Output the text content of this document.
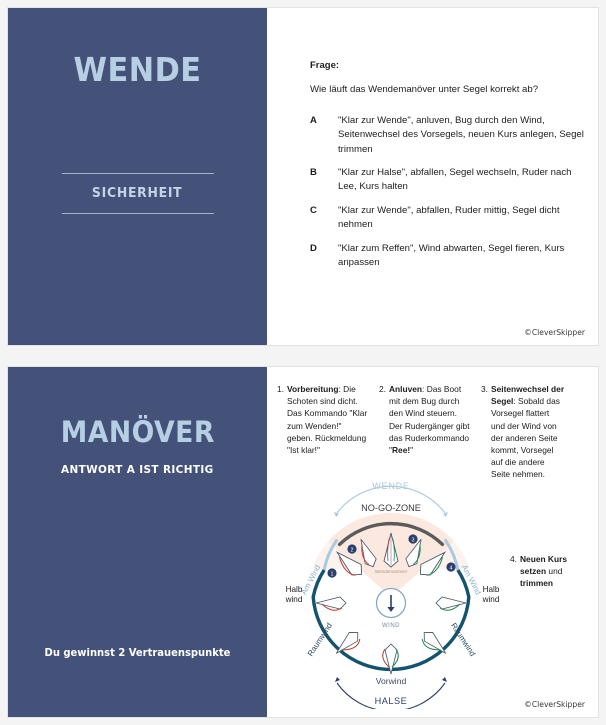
WENDE
SICHERHEIT
Frage:
Wie läuft das Wendemanöver unter Segel korrekt ab?
A	"Klar zur Wende", anluven, Bug durch den Wind, Seitenwechsel des Vorsegels, neuen Kurs anlegen, Segel trimmen
B	"Klar zur Halse", abfallen, Segel wechseln, Ruder nach Lee, Kurs halten
C	"Klar zur Wende", abfallen, Ruder mittig, Segel dicht nehmen
D	"Klar zum Reffen", Wind abwarten, Segel fieren, Kurs anpassen
©CleverSkipper
MANÖVER
ANTWORT A IST RICHTIG
Du gewinnst 2 Vertrauenspunkte
1. Vorbereitung: Die Schoten sind dicht. Das Kommando "Klar zum Wenden!" geben. Rückmeldung "Ist klar!"
2. Anluven: Das Boot mit dem Bug durch den Wind steuern. Der Rudergänger gibt das Ruderkommando "Ree!"
3. Seitenwechsel der Segel: Sobald das Vorsegel flattert und der Wind von der anderen Seite kommt, Vorsegel auf die andere Seite nehmen.
4. Neuen Kurs setzen und trimmen
Halb wind
Halb wind
WENDE
NO-GO-ZONE
Am Wind	Am Wind
Raumwind	Raumwind
WIND
Wendemanöver
1
2
3
4
Vorwind
HALSE	©CleverSkipper
